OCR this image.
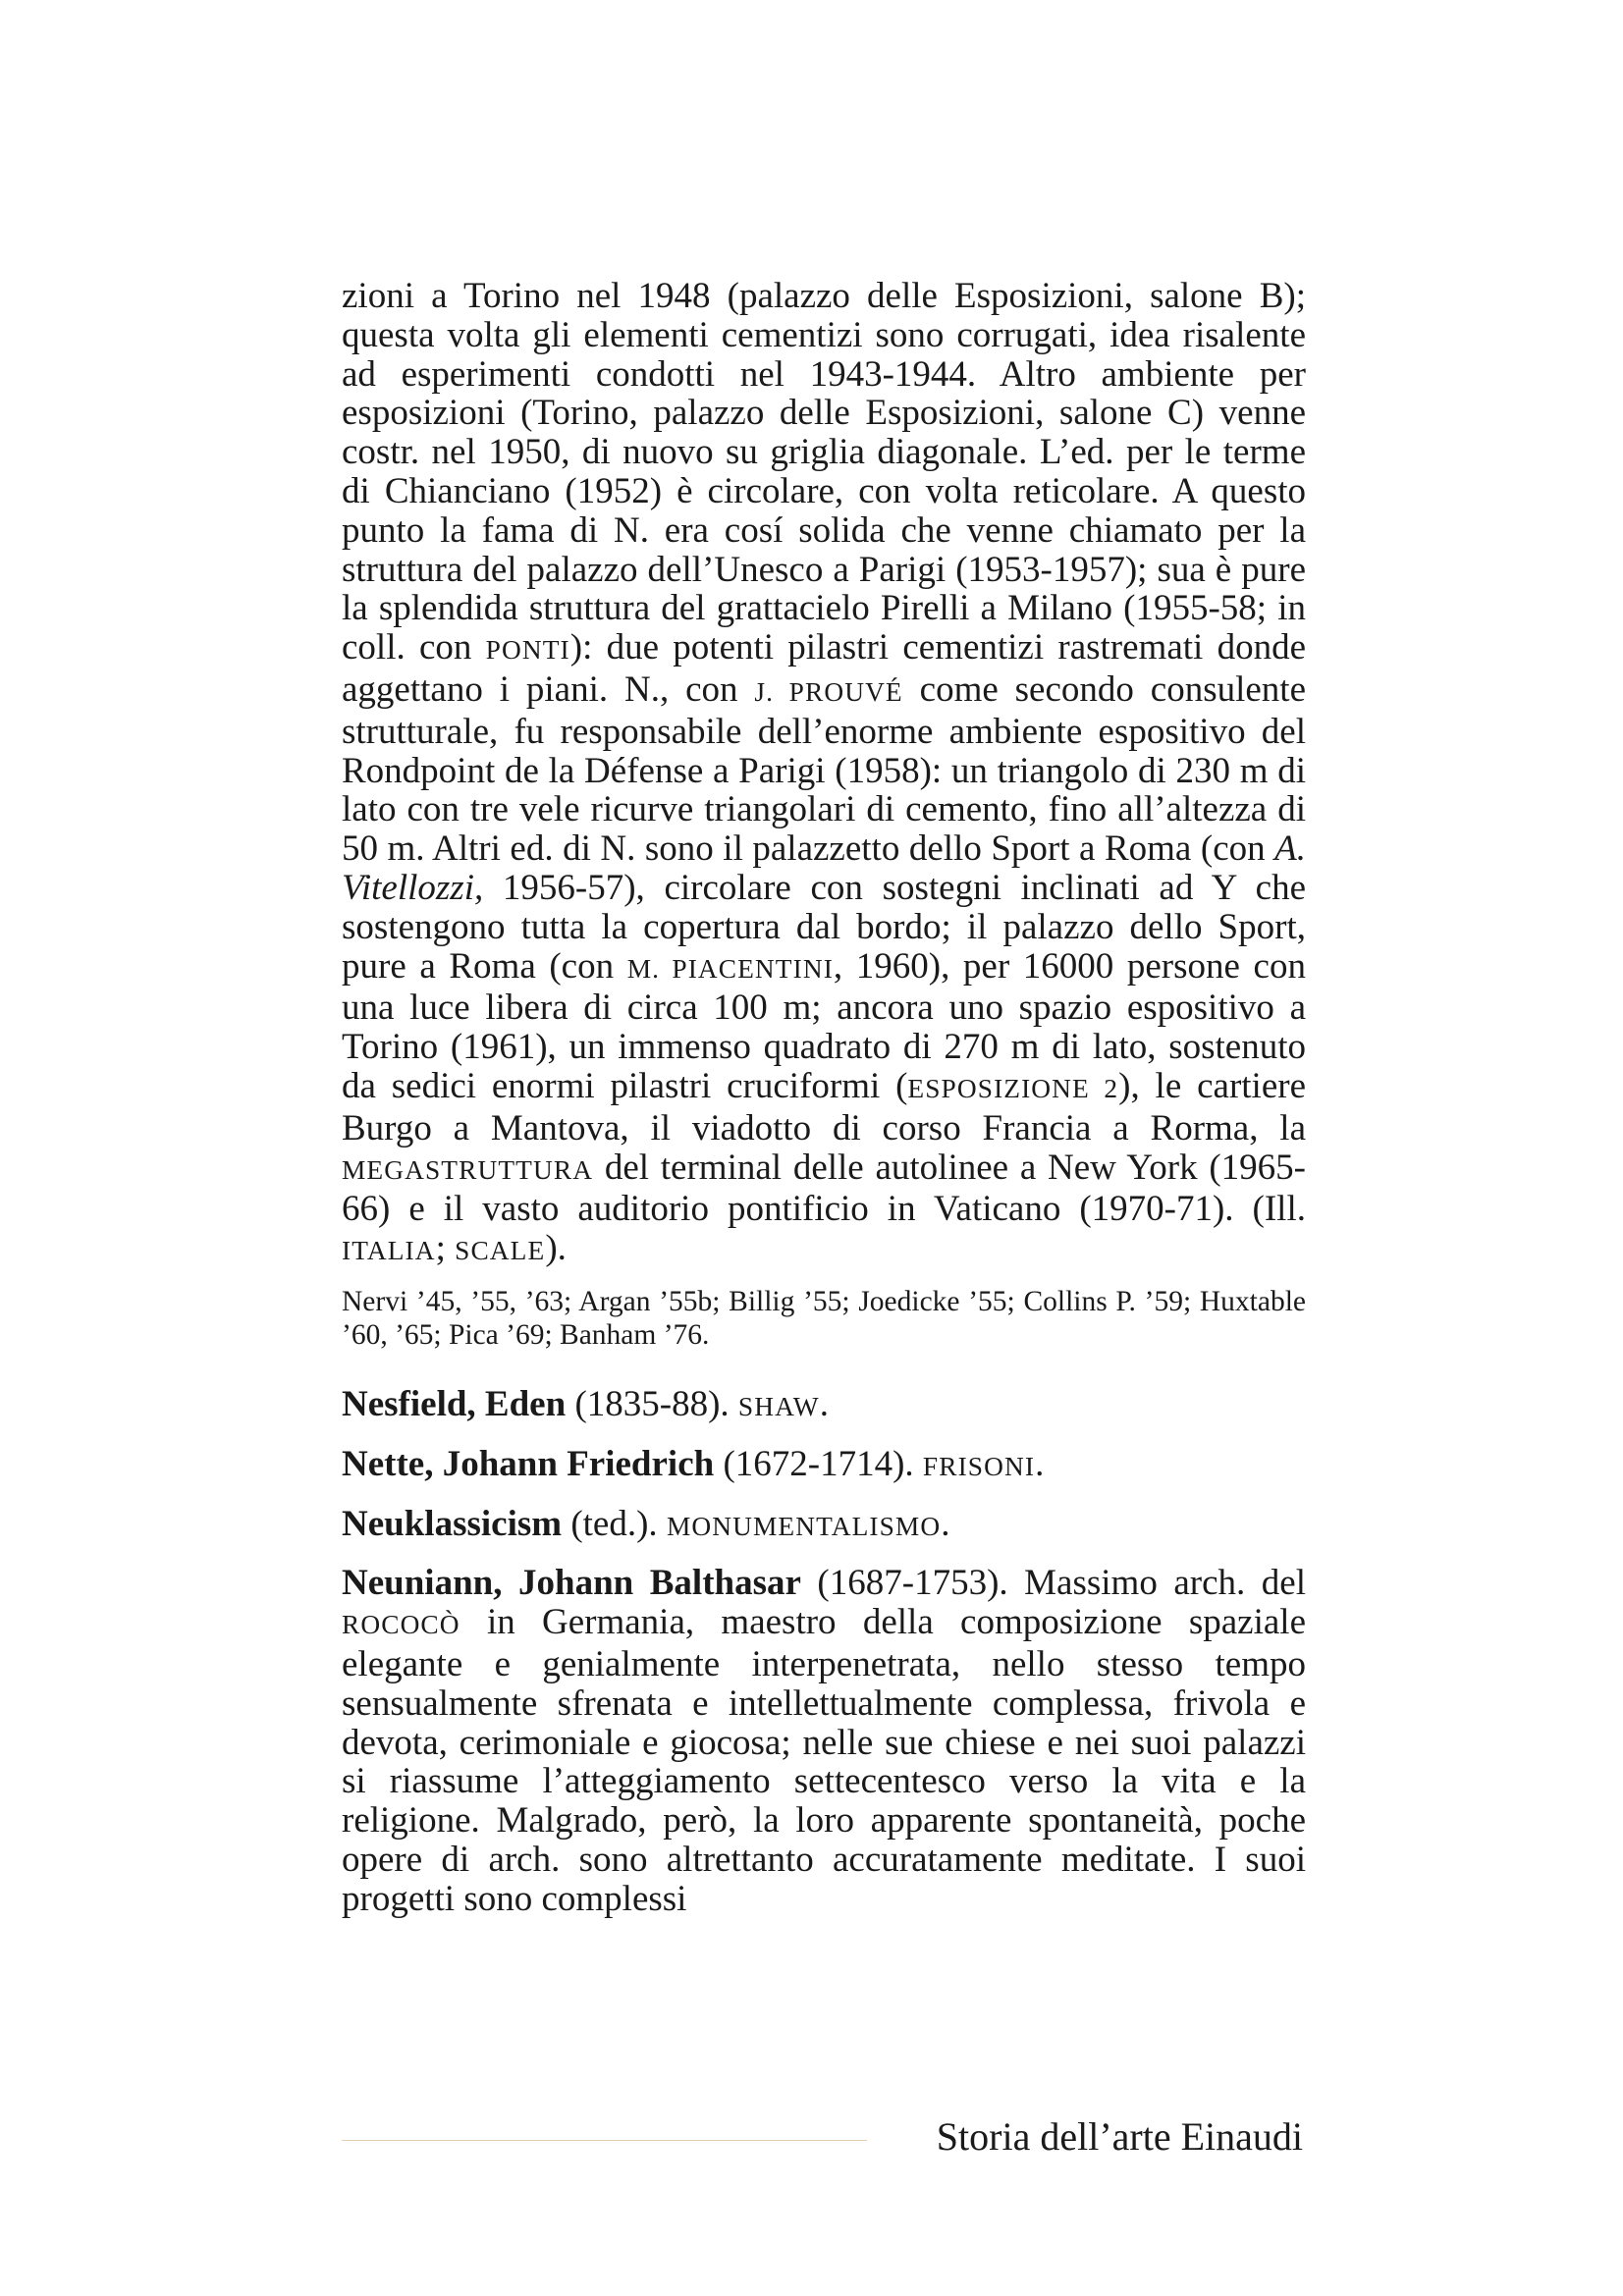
zioni a Torino nel 1948 (palazzo delle Esposizioni, salone B); questa volta gli elementi cementizi sono corrugati, idea risalente ad esperimenti condotti nel 1943-1944. Altro ambiente per esposizioni (Torino, palazzo delle Esposizioni, salone C) venne costr. nel 1950, di nuovo su griglia diagonale. L’ed. per le terme di Chianciano (1952) è circolare, con volta reticolare. A questo punto la fama di N. era cosí solida che venne chiamato per la struttura del palazzo dell’Unesco a Parigi (1953-1957); sua è pure la splendida struttura del grattacielo Pirelli a Milano (1955-58; in coll. con PONTI): due potenti pilastri cementizi rastremati donde aggettano i piani. N., con J. PROUVÉ come secondo consulente strutturale, fu responsabile dell’enorme ambiente espositivo del Rondpoint de la Défense a Parigi (1958): un triangolo di 230 m di lato con tre vele ricurve triangolari di cemento, fino all’altezza di 50 m. Altri ed. di N. sono il palazzetto dello Sport a Roma (con A. Vitellozzi, 1956-57), circolare con sostegni inclinati ad Y che sostengono tutta la copertura dal bordo; il palazzo dello Sport, pure a Roma (con M. PIACENTINI, 1960), per 16000 persone con una luce libera di circa 100 m; ancora uno spazio espositivo a Torino (1961), un immenso quadrato di 270 m di lato, sostenuto da sedici enormi pilastri cruciformi (ESPOSIZIONE 2), le cartiere Burgo a Mantova, il viadotto di corso Francia a Rorma, la MEGASTRUTTURA del terminal delle autolinee a New York (1965-66) e il vasto auditorio pontificio in Vaticano (1970-71). (Ill. ITALIA; SCALE).

Nervi ’45, ’55, ’63; Argan ’55b; Billig ’55; Joedicke ’55; Collins P. ’59; Huxtable ’60, ’65; Pica ’69; Banham ’76.

Nesfield, Eden (1835-88). SHAW.

Nette, Johann Friedrich (1672-1714). FRISONI.

Neuklassicism (ted.). MONUMENTALISMO.

Neuniann, Johann Balthasar (1687-1753). Massimo arch. del ROCOCÒ in Germania, maestro della composizione spaziale elegante e genialmente interpenetrata, nello stesso tempo sensualmente sfrenata e intellettualmente complessa, frivola e devota, cerimoniale e giocosa; nelle sue chiese e nei suoi palazzi si riassume l’atteggiamento settecentesco verso la vita e la religione. Malgrado, però, la loro apparente spontaneità, poche opere di arch. sono altrettanto accuratamente meditate. I suoi progetti sono complessi

Storia dell’arte Einaudi
